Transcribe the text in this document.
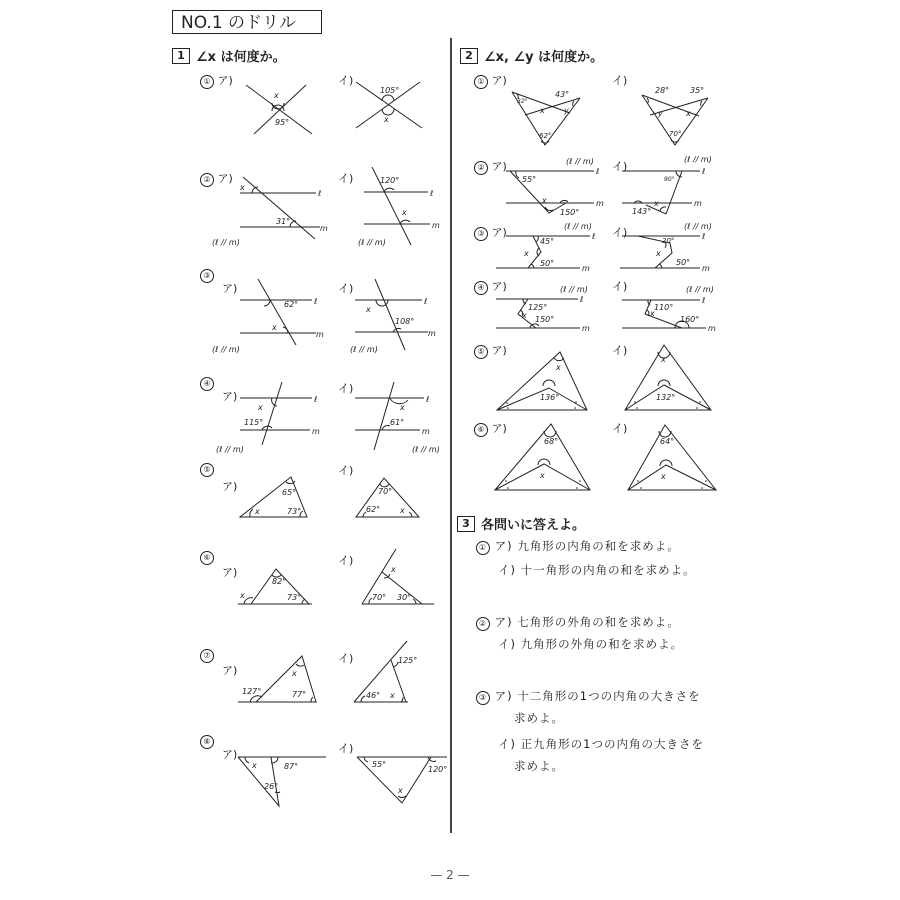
NO.1 のドリル
1 ∠x は何度か。
① ア)	イ)
② ア)	イ)
③
ア)	イ)
④
ア)
イ)
⑤
ア)
イ)
⑥
ア)
イ)
⑦
ア)
イ)
⑧
ア)	イ)
x
95°
105°
x
x
31°
ℓ
m
(ℓ // m)
120°
x
ℓ
m
(ℓ // m)
62°
x
ℓ
m
(ℓ // m)
x
108°
ℓ
m
(ℓ // m)
x
115°
ℓ
m
(ℓ // m)
x
61°
ℓ
m
(ℓ // m)
65°
x	73°
70°
62° x
82°
x	73°
x
70° 30°
x
127°	77°
125°
46° x
x	87°
26°
55°
120°
x
2 ∠x, ∠y は何度か。
① ア)	イ)
② ア)	イ)
③ ア)	イ)
④ ア)	イ)
⑤ ア)	イ)
⑥ ア)	イ)
32°
43°
x y
62°
28°	35°
y	x
70°
55°
x
150°
ℓ
m
(ℓ // m)
90°
x
143°
ℓ
m
(ℓ // m)
45°
x
50°
ℓ
m
(ℓ // m)
20°
x
50°
ℓ
m
(ℓ // m)
125°
x 150°
ℓ
m
(ℓ // m)
110°
x
160°
ℓ
m
(ℓ // m)
x
136°
x
132°
68°
x
64°
x
3 各問いに答えよ。
① ア) 九角形の内角の和を求めよ。
イ) 十一角形の内角の和を求めよ。
② ア) 七角形の外角の和を求めよ。
イ) 九角形の外角の和を求めよ。
③ ア) 十二角形の1つの内角の大きさを
求めよ。
イ) 正九角形の1つの内角の大きさを
求めよ。
— 2 —
